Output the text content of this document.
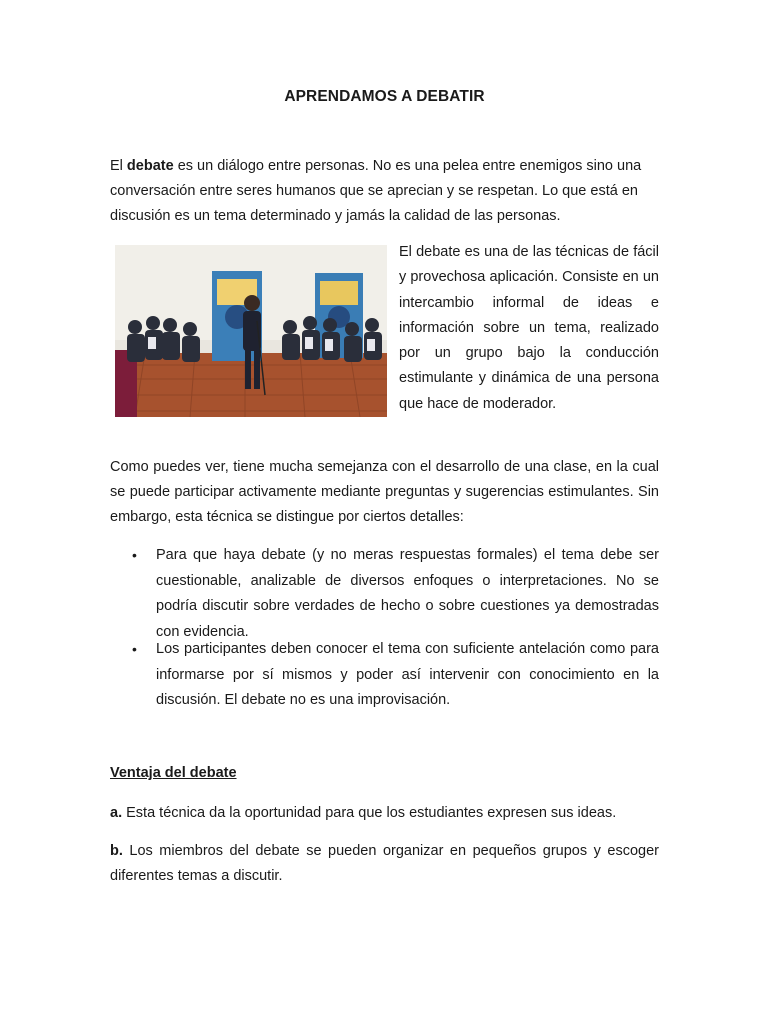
APRENDAMOS A DEBATIR

El debate es un diálogo entre personas. No es una pelea entre enemigos sino una conversación entre seres humanos que se aprecian y se respetan. Lo que está en discusión es un tema determinado y jamás la calidad de las personas.

El debate es una de las técnicas de fácil y provechosa aplicación. Consiste en un intercambio informal de ideas e información sobre un tema, realizado por un grupo bajo la conducción estimulante y dinámica de una persona que hace de moderador.

Como puedes ver, tiene mucha semejanza con el desarrollo de una clase, en la cual se puede participar activamente mediante preguntas y sugerencias estimulantes. Sin embargo, esta técnica se distingue por ciertos detalles:

• Para que haya debate (y no meras respuestas formales) el tema debe ser cuestionable, analizable de diversos enfoques o interpretaciones. No se podría discutir sobre verdades de hecho o sobre cuestiones ya demostradas con evidencia.
• Los participantes deben conocer el tema con suficiente antelación como para informarse por sí mismos y poder así intervenir con conocimiento en la discusión. El debate no es una improvisación.

Ventaja del debate

a. Esta técnica da la oportunidad para que los estudiantes expresen sus ideas.

b. Los miembros del debate se pueden organizar en pequeños grupos y escoger diferentes temas a discutir.
